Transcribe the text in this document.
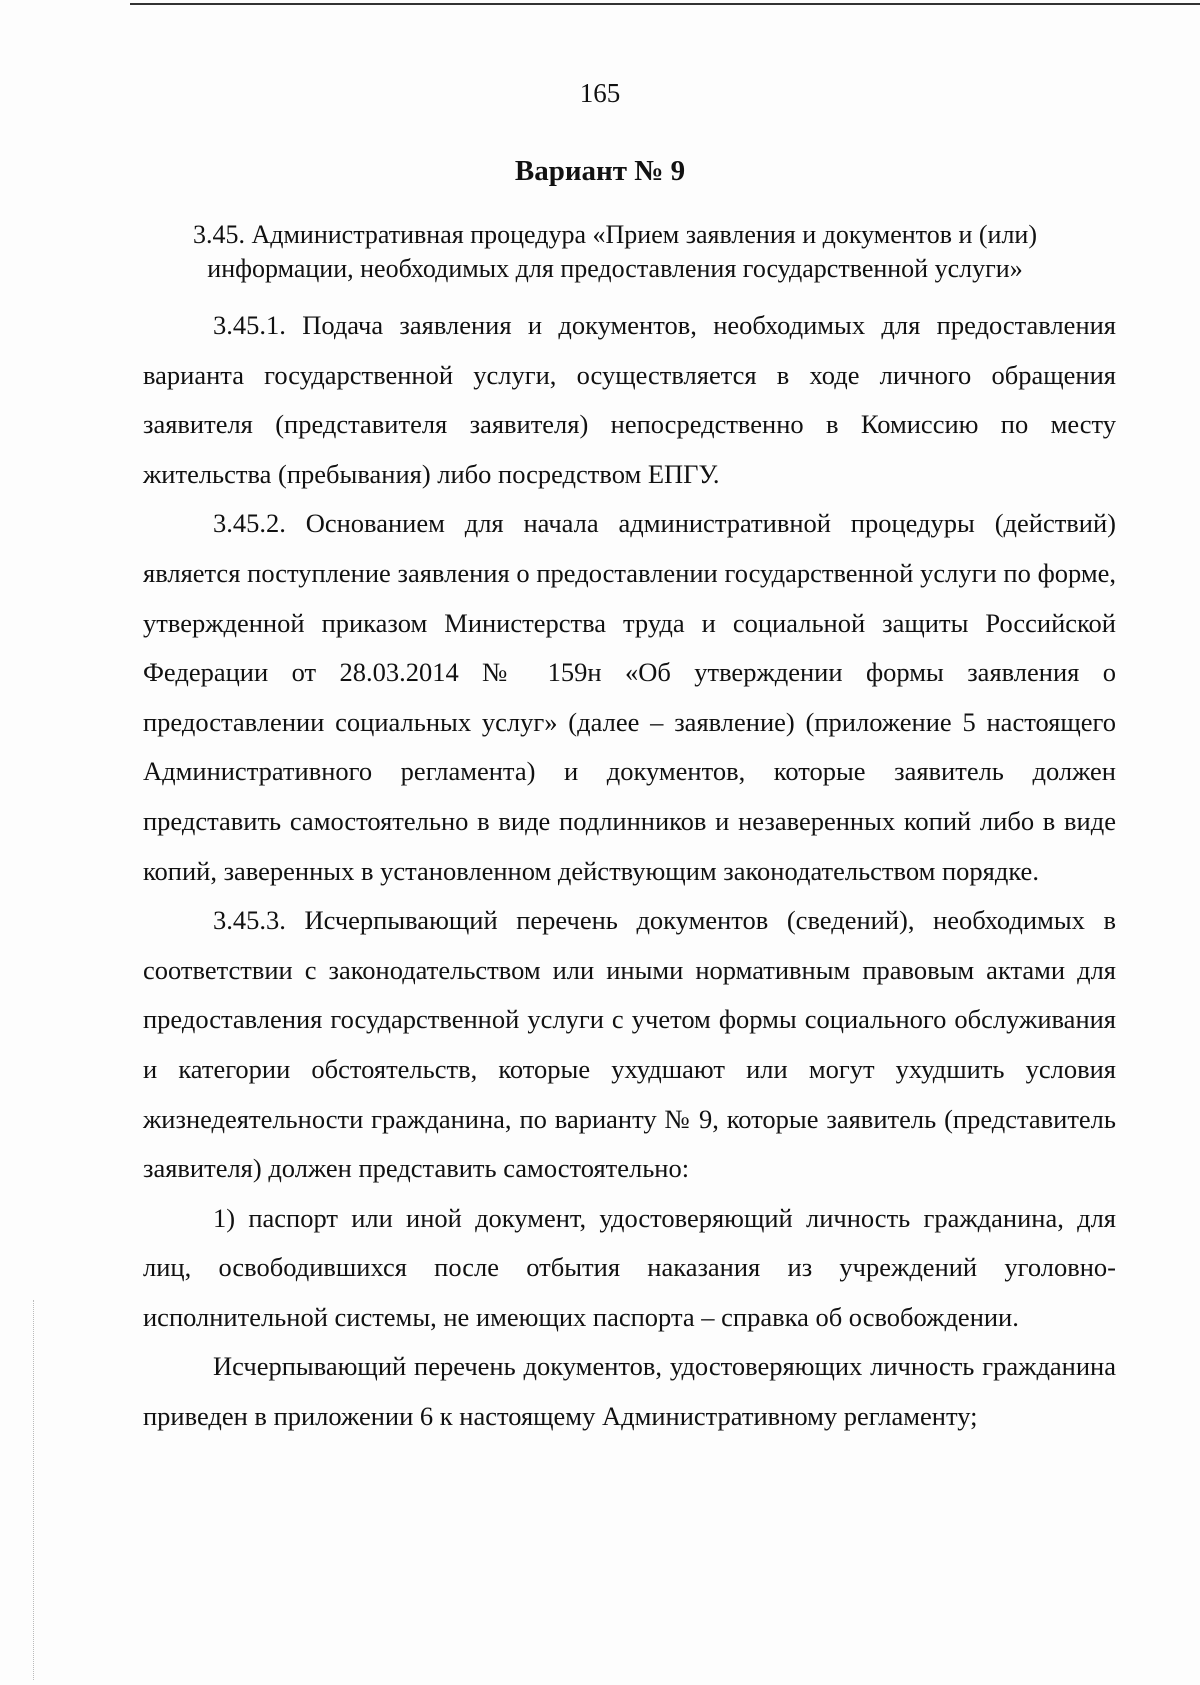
165
Вариант № 9
3.45. Административная процедура «Прием заявления и документов и (или) информации, необходимых для предоставления государственной услуги»

3.45.1. Подача заявления и документов, необходимых для предоставления варианта государственной услуги, осуществляется в ходе личного обращения заявителя (представителя заявителя) непосредственно в Комиссию по месту жительства (пребывания) либо посредством ЕПГУ.

3.45.2. Основанием для начала административной процедуры (действий) является поступление заявления о предоставлении государственной услуги по форме, утвержденной приказом Министерства труда и социальной защиты Российской Федерации от 28.03.2014 № 159н «Об утверждении формы заявления о предоставлении социальных услуг» (далее – заявление) (приложение 5 настоящего Административного регламента) и документов, которые заявитель должен представить самостоятельно в виде подлинников и незаверенных копий либо в виде копий, заверенных в установленном действующим законодательством порядке.

3.45.3. Исчерпывающий перечень документов (сведений), необходимых в соответствии с законодательством или иными нормативным правовым актами для предоставления государственной услуги с учетом формы социального обслуживания и категории обстоятельств, которые ухудшают или могут ухудшить условия жизнедеятельности гражданина, по варианту № 9, которые заявитель (представитель заявителя) должен представить самостоятельно:

1) паспорт или иной документ, удостоверяющий личность гражданина, для лиц, освободившихся после отбытия наказания из учреждений уголовно-исполнительной системы, не имеющих паспорта – справка об освобождении.

Исчерпывающий перечень документов, удостоверяющих личность гражданина приведен в приложении 6 к настоящему Административному регламенту;
